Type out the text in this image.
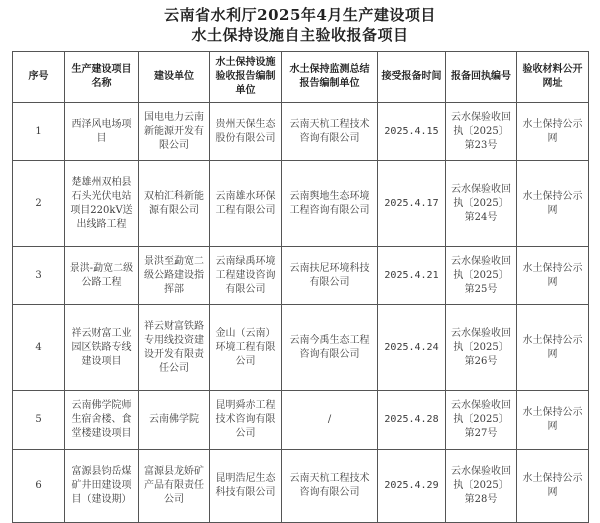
云南省水利厅2025年4月生产建设项目
水土保持设施自主验收报备项目
序号	生产建设项目名称	建设单位	水土保持设施验收报告编制单位	水土保持监测总结报告编制单位	接受报备时间	报备回执编号	验收材料公开网址
1	西泽风电场项目	国电电力云南新能源开发有限公司	贵州天保生态股份有限公司	云南天杭工程技术咨询有限公司	2025.4.15	云水保验收回执〔2025〕第23号	水土保持公示网
2	楚雄州双柏县石头光伏电站项目220kV送出线路工程	双柏汇科新能源有限公司	云南雄水环保工程有限公司	云南舆地生态环境工程咨询有限公司	2025.4.17	云水保验收回执〔2025〕第24号	水土保持公示网
3	景洪-勐宽二级公路工程	景洪至勐宽二级公路建设指挥部	云南绿禹环境工程建设咨询有限公司	云南扶尼环境科技有限公司	2025.4.21	云水保验收回执〔2025〕第25号	水土保持公示网
4	祥云财富工业园区铁路专线建设项目	祥云财富铁路专用线投资建设开发有限责任公司	金山（云南）环境工程有限公司	云南今禹生态工程咨询有限公司	2025.4.24	云水保验收回执〔2025〕第26号	水土保持公示网
5	云南佛学院师生宿舍楼、食堂楼建设项目	云南佛学院	昆明舜赤工程技术咨询有限公司	/	2025.4.28	云水保验收回执〔2025〕第27号	水土保持公示网
6	富源县钧岳煤矿井田建设项目（建设期）	富源县龙娇矿产品有限责任公司	昆明浩尼生态科技有限公司	云南天杭工程技术咨询有限公司	2025.4.29	云水保验收回执〔2025〕第28号	水土保持公示网
